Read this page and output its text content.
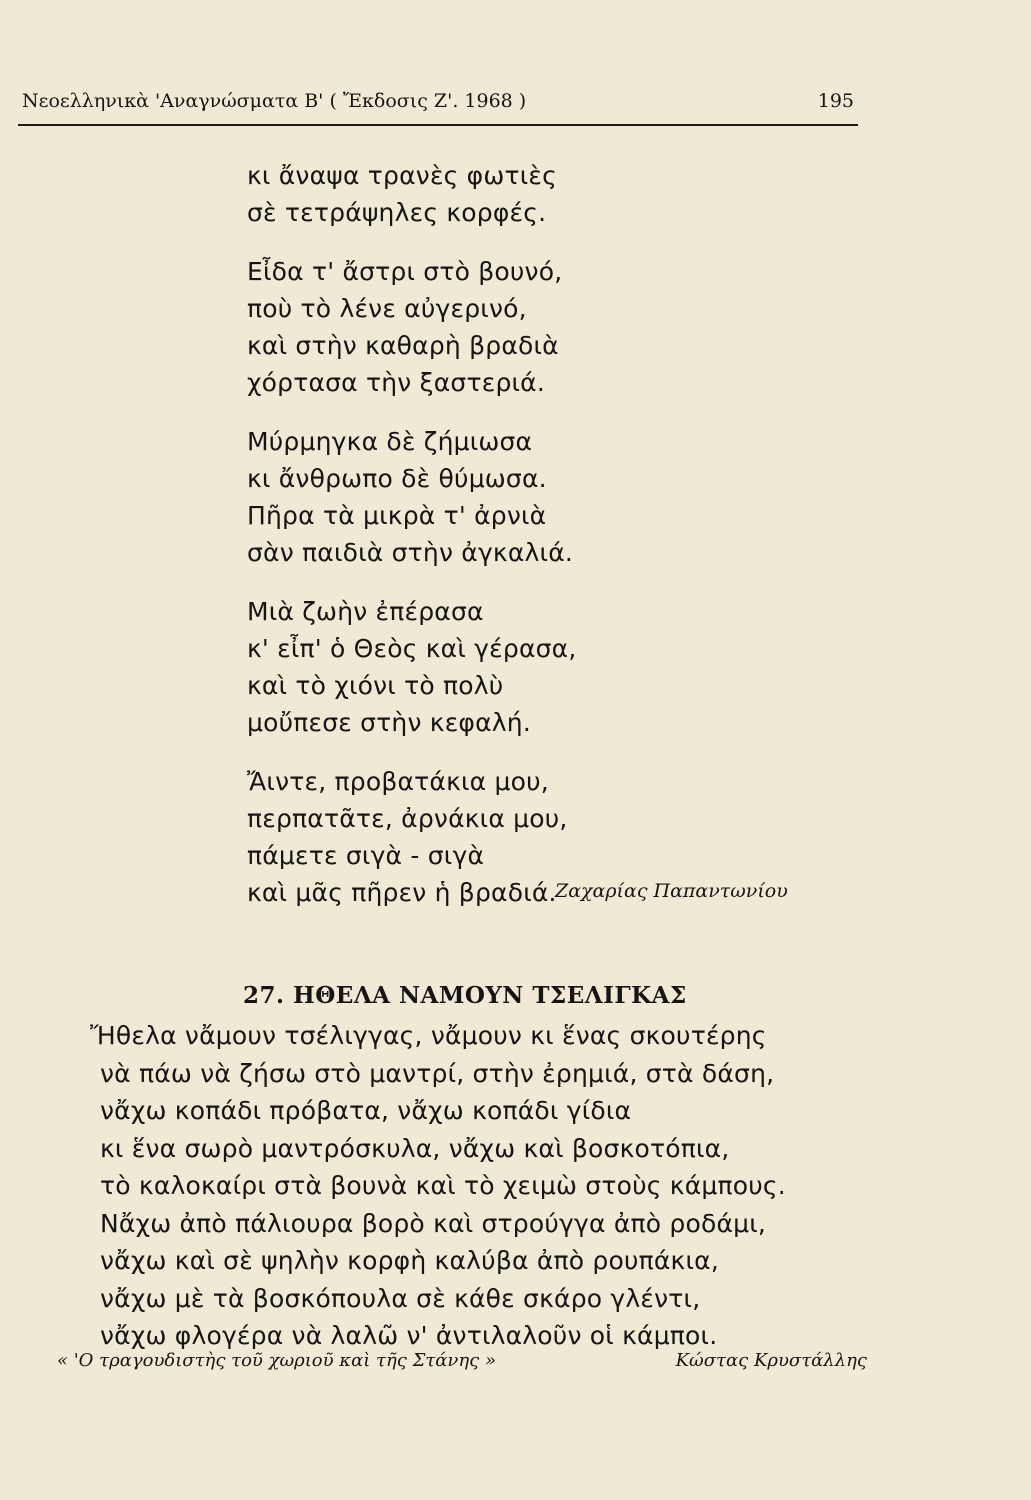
Νεοελληνικὰ 'Αναγνώσματα Β' ( Ἔκδοσις Ζ'. 1968 )	195
κι ἄναψα τρανὲς φωτιὲς
σὲ τετράψηλες κορφές.
Εἶδα τ' ἄστρι στὸ βουνό,
ποὺ τὸ λένε αὐγερινό,
καὶ στὴν καθαρὴ βραδιὰ
χόρτασα τὴν ξαστεριά.
Μύρμηγκα δὲ ζήμιωσα
κι ἄνθρωπο δὲ θύμωσα.
Πῆρα τὰ μικρὰ τ' ἀρνιὰ
σὰν παιδιὰ στὴν ἀγκαλιά.
Μιὰ ζωὴν ἐπέρασα
κ' εἶπ' ὁ Θεὸς καὶ γέρασα,
καὶ τὸ χιόνι τὸ πολὺ
μοὔπεσε στὴν κεφαλή.
Ἄιντε, προβατάκια μου,
περπατᾶτε, ἀρνάκια μου,
πάμετε σιγὰ - σιγὰ
καὶ μᾶς πῆρεν ἡ βραδιά.
Ζαχαρίας Παπαντωνίου
27. ΗΘΕΛΑ ΝΑΜΟΥΝ ΤΣΕΛΙΓΚΑΣ
Ἤθελα νἄμουν τσέλιγγας, νἄμουν κι ἕνας σκουτέρης
νὰ πάω νὰ ζήσω στὸ μαντρί, στὴν ἐρημιά, στὰ δάση,
νἄχω κοπάδι πρόβατα, νἄχω κοπάδι γίδια
κι ἕνα σωρὸ μαντρόσκυλα, νἄχω καὶ βοσκοτόπια,
τὸ καλοκαίρι στὰ βουνὰ καὶ τὸ χειμὼ στοὺς κάμπους.
Νἄχω ἀπὸ πάλιουρα βορὸ καὶ στρούγγα ἀπὸ ροδάμι,
νἄχω καὶ σὲ ψηλὴν κορφὴ καλύβα ἀπὸ ρουπάκια,
νἄχω μὲ τὰ βοσκόπουλα σὲ κάθε σκάρο γλέντι,
νἄχω φλογέρα νὰ λαλῶ ν' ἀντιλαλοῦν οἱ κάμποι.
« 'Ο τραγουδιστὴς τοῦ χωριοῦ καὶ τῆς Στάνης »	Κώστας Κρυστάλλης
